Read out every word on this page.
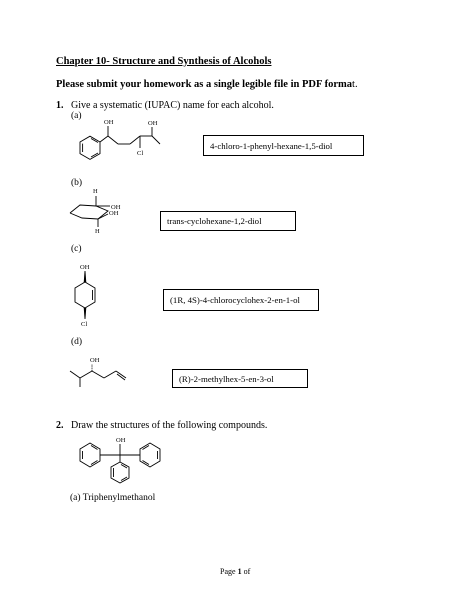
Chapter 10- Structure and Synthesis of Alcohols
Please submit your homework as a single legible file in PDF format.
1. Give a systematic (IUPAC) name for each alcohol.
(a)
OH	OH
Cl
4-chloro-1-phenyl-hexane-1,5-diol
(b)
H
OH
OH
H
trans-cyclohexane-1,2-diol
(c)
OH
Cl
(1R, 4S)-4-chlorocyclohex-2-en-1-ol
(d)
OH
(R)-2-methylhex-5-en-3-ol
2. Draw the structures of the following compounds.
OH
(a) Triphenylmethanol
Page 1 of
